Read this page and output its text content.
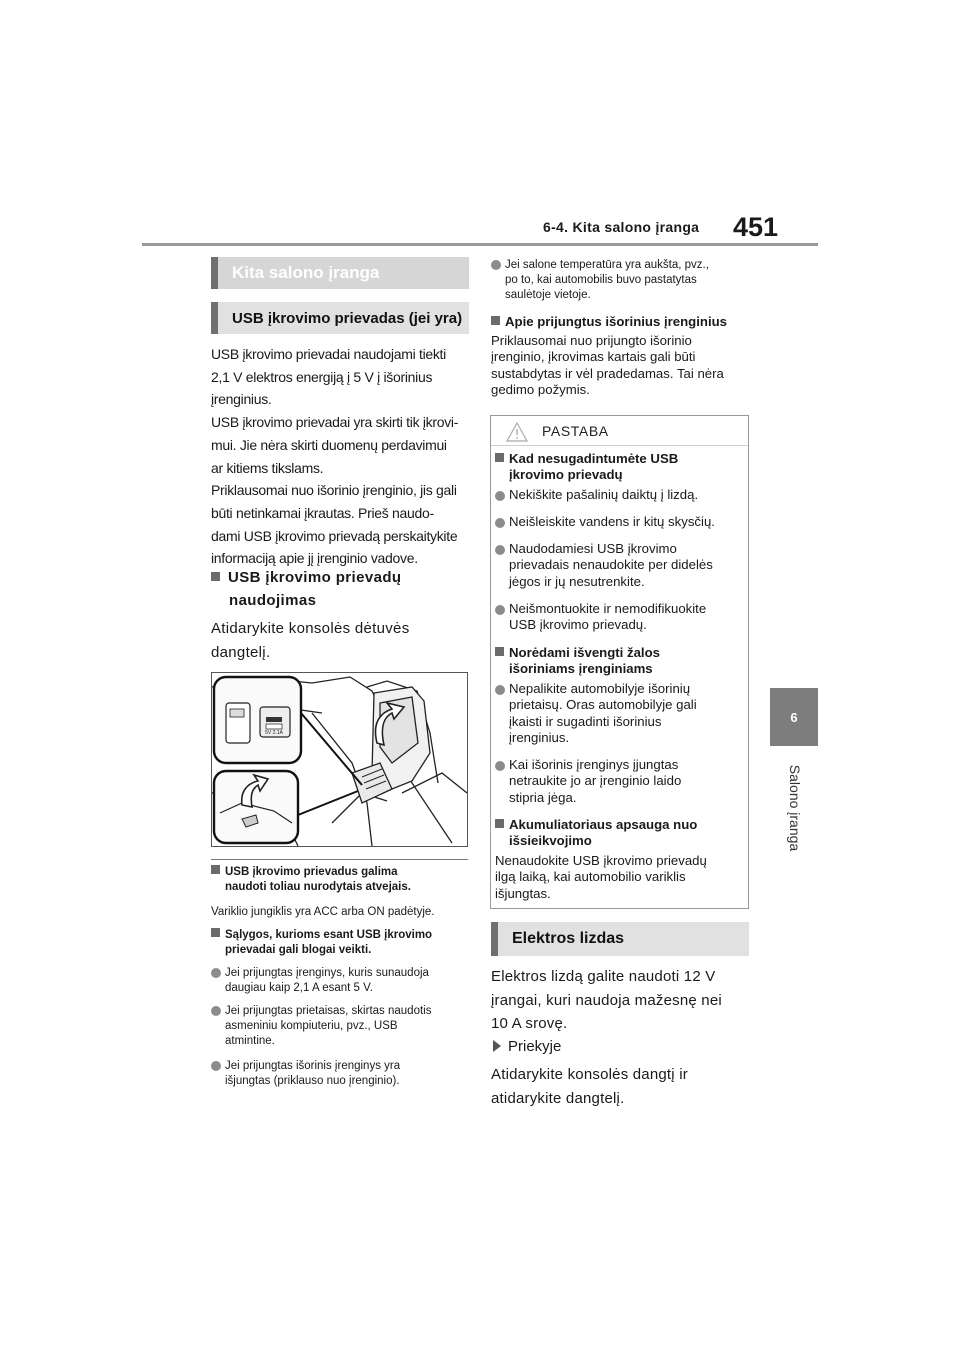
6-4. Kita salono įranga 451
6
Salono įranga
Kita salono įranga
USB įkrovimo prievadas (jei yra)
USB įkrovimo prievadai naudojami tiekti
2,1 V elektros energiją į 5 V į išorinius
įrenginius.
USB įkrovimo prievadai yra skirti tik įkrovi-
mui. Jie nėra skirti duomenų perdavimui
ar kitiems tikslams.
Priklausomai nuo išorinio įrenginio, jis gali
būti netinkamai įkrautas. Prieš naudo-
dami USB įkrovimo prievadą perskaitykite
informaciją apie jį įrenginio vadove.
USB įkrovimo prievadų
naudojimas
Atidarykite konsolės dėtuvės
dangtelį.
5V 2.1A
USB įkrovimo prievadus galima
naudoti toliau nurodytais atvejais.
Variklio jungiklis yra ACC arba ON padėtyje.
Sąlygos, kurioms esant USB įkrovimo
prievadai gali blogai veikti.
Jei prijungtas įrenginys, kuris sunaudoja
daugiau kaip 2,1 A esant 5 V.
Jei prijungtas prietaisas, skirtas naudotis
asmeniniu kompiuteriu, pvz., USB
atmintine.
Jei prijungtas išorinis įrenginys yra
išjungtas (priklauso nuo įrenginio).
Jei salone temperatūra yra aukšta, pvz.,
po to, kai automobilis buvo pastatytas
saulėtoje vietoje.
Apie prijungtus išorinius įrenginius
Priklausomai nuo prijungto išorinio
įrenginio, įkrovimas kartais gali būti
sustabdytas ir vėl pradedamas. Tai nėra
gedimo požymis.
PASTABA
Kad nesugadintumėte USB
įkrovimo prievadų
Nekiškite pašalinių daiktų į lizdą.
Neišleiskite vandens ir kitų skysčių.
Naudodamiesi USB įkrovimo
prievadais nenaudokite per didelės
jėgos ir jų nesutrenkite.
Neišmontuokite ir nemodifikuokite
USB įkrovimo prievadų.
Norėdami išvengti žalos
išoriniams įrenginiams
Nepalikite automobilyje išorinių
prietaisų. Oras automobilyje gali
įkaisti ir sugadinti išorinius
įrenginius.
Kai išorinis įrenginys įjungtas
netraukite jo ar įrenginio laido
stipria jėga.
Akumuliatoriaus apsauga nuo
išsieikvojimo
Nenaudokite USB įkrovimo prievadų
ilgą laiką, kai automobilio variklis
išjungtas.
Elektros lizdas
Elektros lizdą galite naudoti 12 V
įrangai, kuri naudoja mažesnę nei
10 A srovę.
Priekyje
Atidarykite konsolės dangtį ir
atidarykite dangtelį.
